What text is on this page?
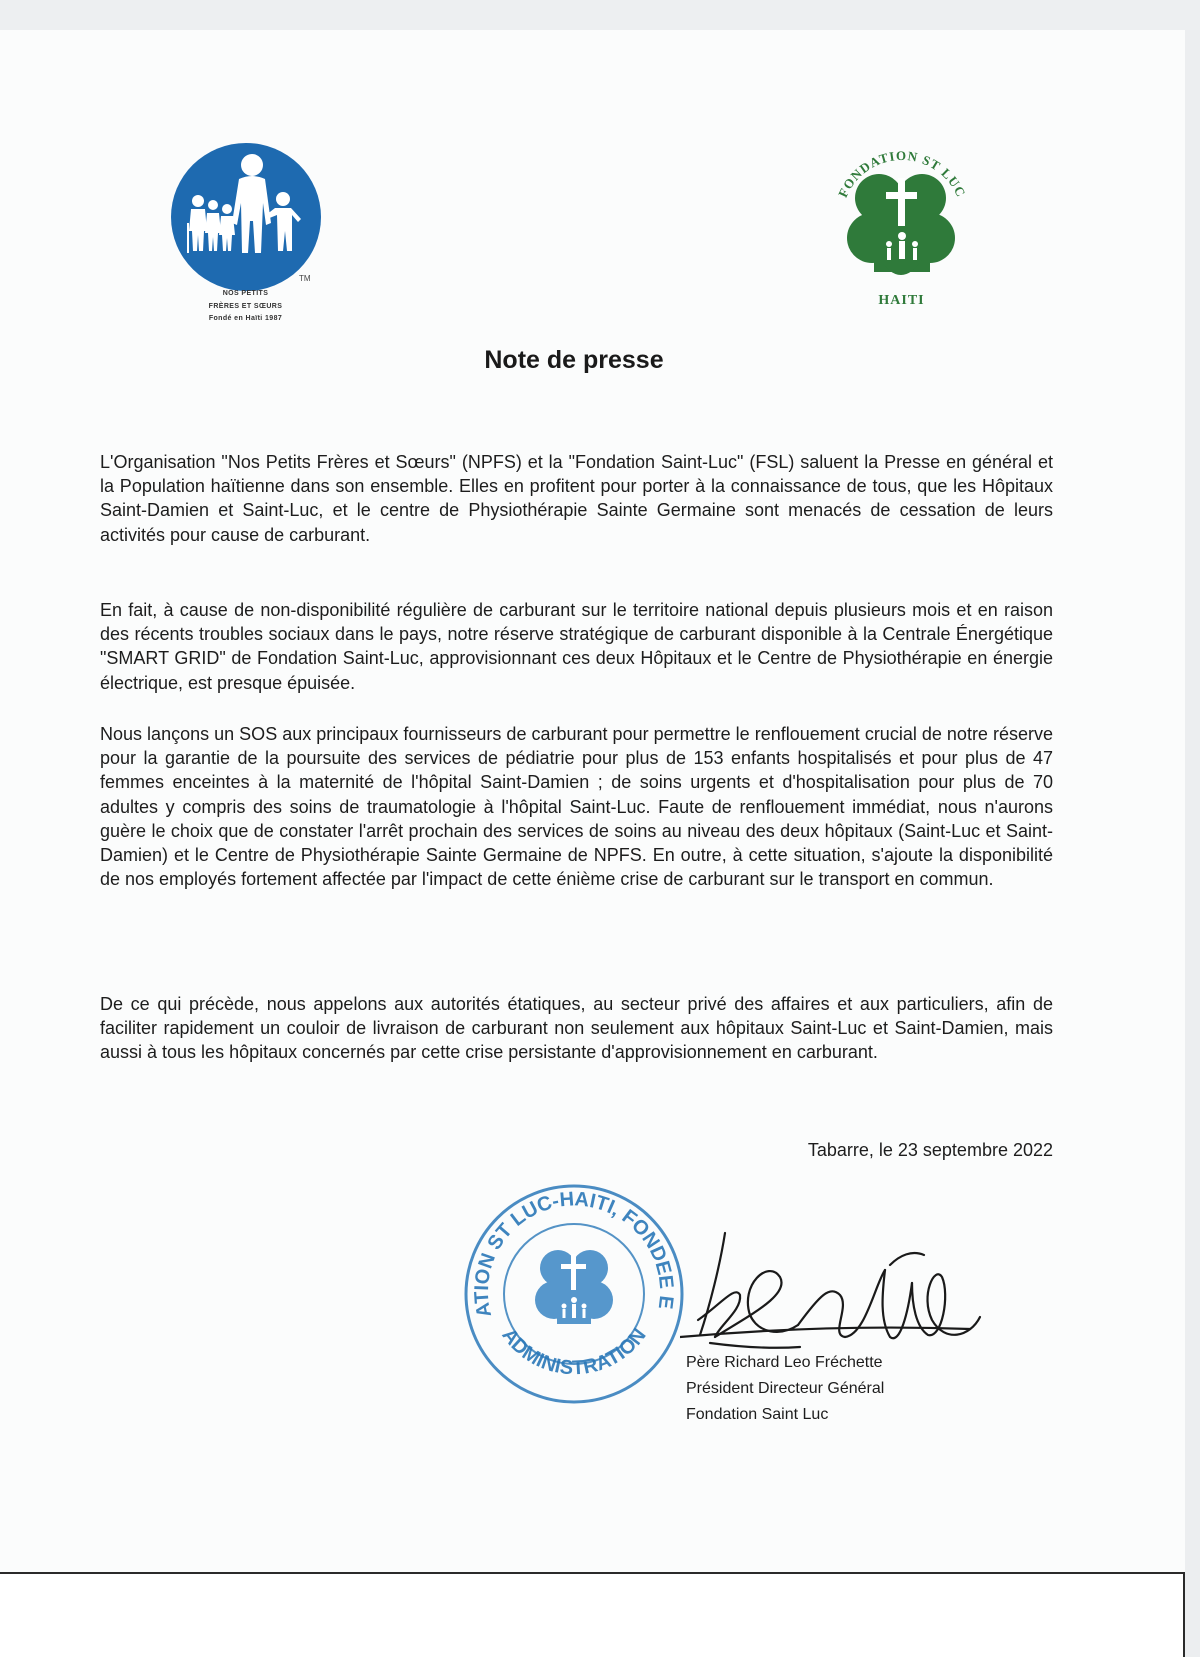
TM
NOS PETITS
FRÈRES ET SŒURS
Fondé en Haïti 1987
FONDATION ST LUC
HAITI
Note de presse

L'Organisation "Nos Petits Frères et Sœurs" (NPFS) et la "Fondation Saint-Luc" (FSL) saluent la Presse en général et la Population haïtienne dans son ensemble. Elles en profitent pour porter à la connaissance de tous, que les Hôpitaux Saint-Damien et Saint-Luc, et le centre de Physiothérapie Sainte Germaine sont menacés de cessation de leurs activités pour cause de carburant.

En fait, à cause de non-disponibilité régulière de carburant sur le territoire national depuis plusieurs mois et en raison des récents troubles sociaux dans le pays, notre réserve stratégique de carburant disponible à la Centrale Énergétique "SMART GRID" de Fondation Saint-Luc, approvisionnant ces deux Hôpitaux et le Centre de Physiothérapie en énergie électrique, est presque épuisée.

Nous lançons un SOS aux principaux fournisseurs de carburant pour permettre le renflouement crucial de notre réserve pour la garantie de la poursuite des services de pédiatrie pour plus de 153 enfants hospitalisés et pour plus de 47 femmes enceintes à la maternité de l'hôpital Saint-Damien ; de soins urgents et d'hospitalisation pour plus de 70 adultes y compris des soins de traumatologie à l'hôpital Saint-Luc. Faute de renflouement immédiat, nous n'aurons guère le choix que de constater l'arrêt prochain des services de soins au niveau des deux hôpitaux (Saint-Luc et Saint-Damien) et le Centre de Physiothérapie Sainte Germaine de NPFS. En outre, à cette situation, s'ajoute la disponibilité de nos employés fortement affectée par l'impact de cette énième crise de carburant sur le transport en commun.

De ce qui précède, nous appelons aux autorités étatiques, au secteur privé des affaires et aux particuliers, afin de faciliter rapidement un couloir de livraison de carburant non seulement aux hôpitaux Saint-Luc et Saint-Damien, mais aussi à tous les hôpitaux concernés par cette crise persistante d'approvisionnement en carburant.

Tabarre, le 23 septembre 2022
ATION ST LUC-HAITI, FONDEE E
ADMINISTRATION
Père Richard Leo Fréchette
Président Directeur Général
Fondation Saint Luc
